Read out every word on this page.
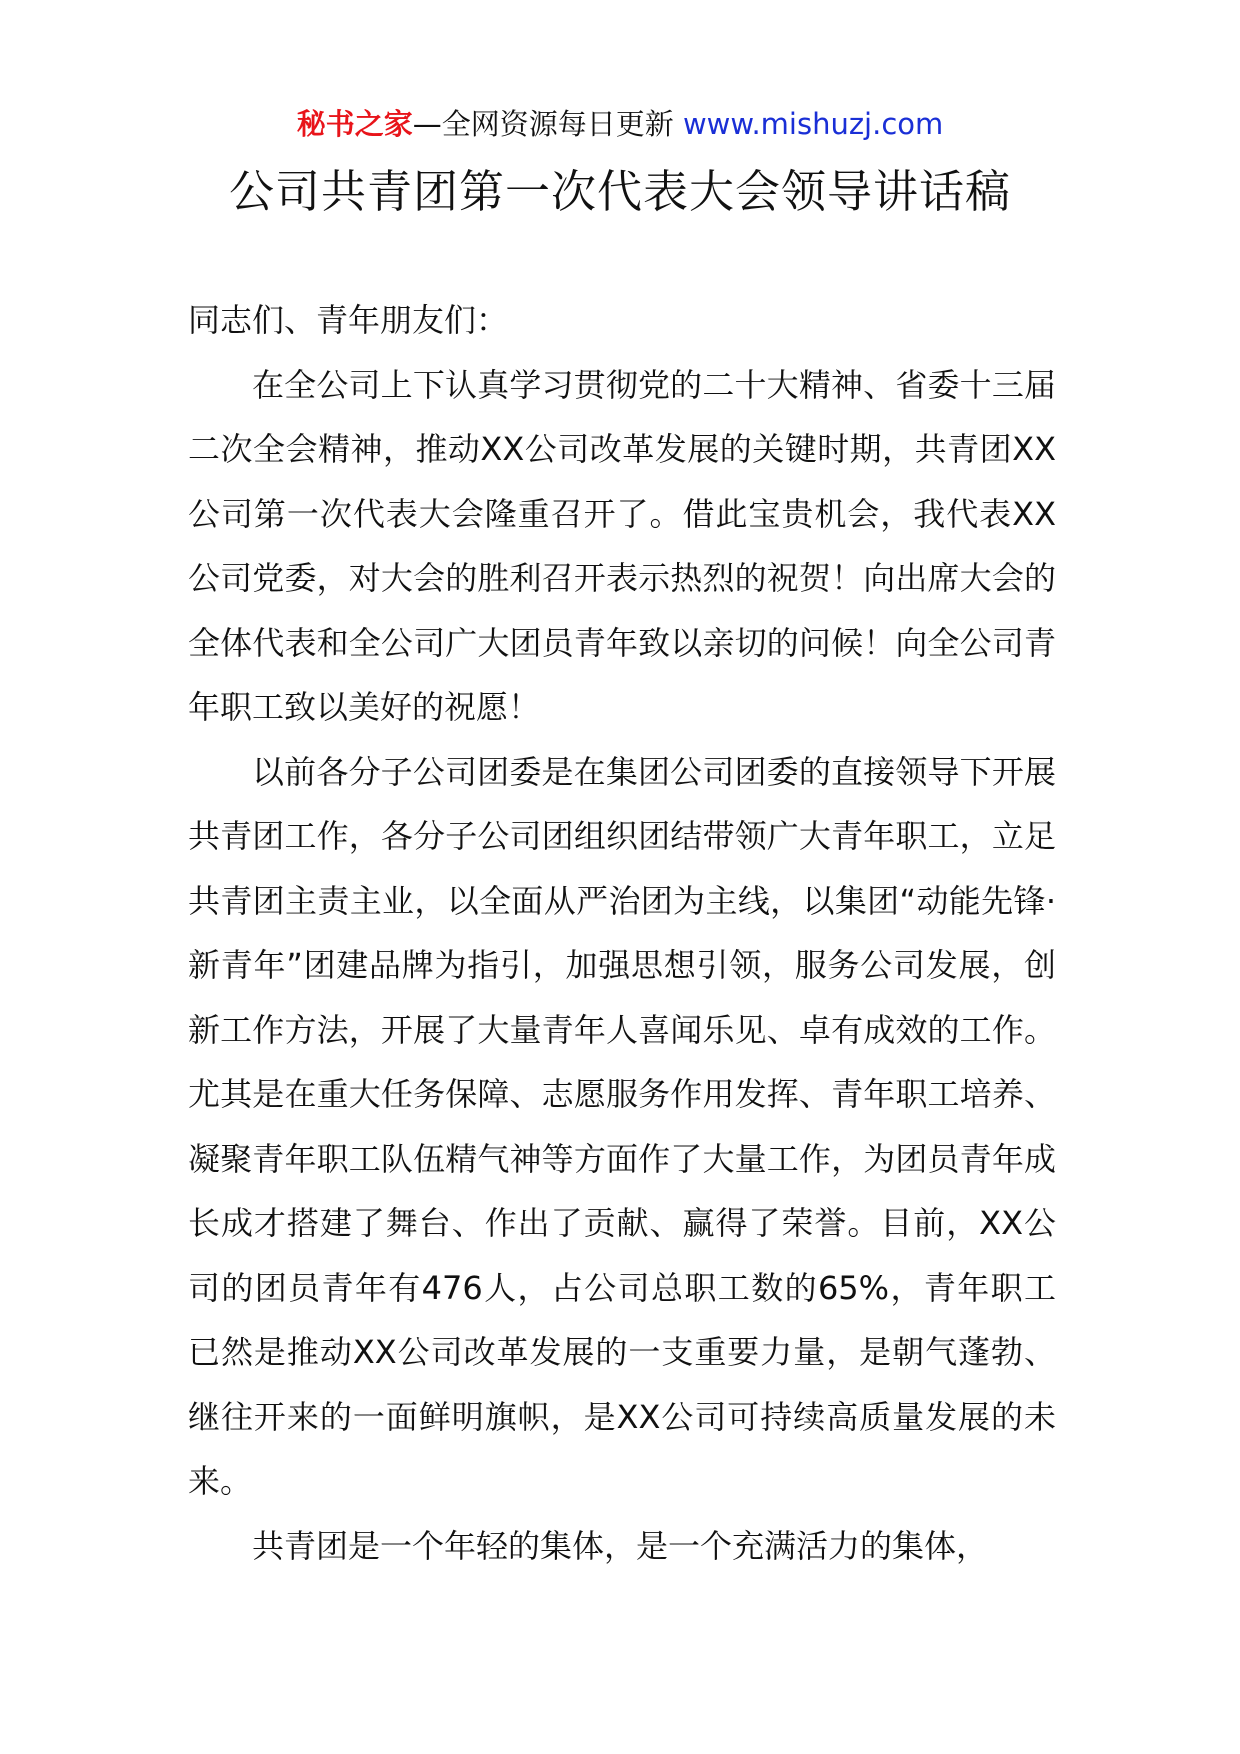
秘书之家—全网资源每日更新 www.mishuzj.com
公司共青团第一次代表大会领导讲话稿

同志们、青年朋友们：

在全公司上下认真学习贯彻党的二十大精神、省委十三届二次全会精神，推动XX公司改革发展的关键时期，共青团XX公司第一次代表大会隆重召开了。借此宝贵机会，我代表XX公司党委，对大会的胜利召开表示热烈的祝贺！向出席大会的全体代表和全公司广大团员青年致以亲切的问候！向全公司青年职工致以美好的祝愿！

以前各分子公司团委是在集团公司团委的直接领导下开展共青团工作，各分子公司团组织团结带领广大青年职工，立足共青团主责主业，以全面从严治团为主线，以集团“动能先锋·新青年”团建品牌为指引，加强思想引领，服务公司发展，创新工作方法，开展了大量青年人喜闻乐见、卓有成效的工作。尤其是在重大任务保障、志愿服务作用发挥、青年职工培养、凝聚青年职工队伍精气神等方面作了大量工作，为团员青年成长成才搭建了舞台、作出了贡献、赢得了荣誉。目前，XX公司的团员青年有476人，占公司总职工数的65%，青年职工已然是推动XX公司改革发展的一支重要力量，是朝气蓬勃、继往开来的一面鲜明旗帜，是XX公司可持续高质量发展的未来。

共青团是一个年轻的集体，是一个充满活力的集体，
